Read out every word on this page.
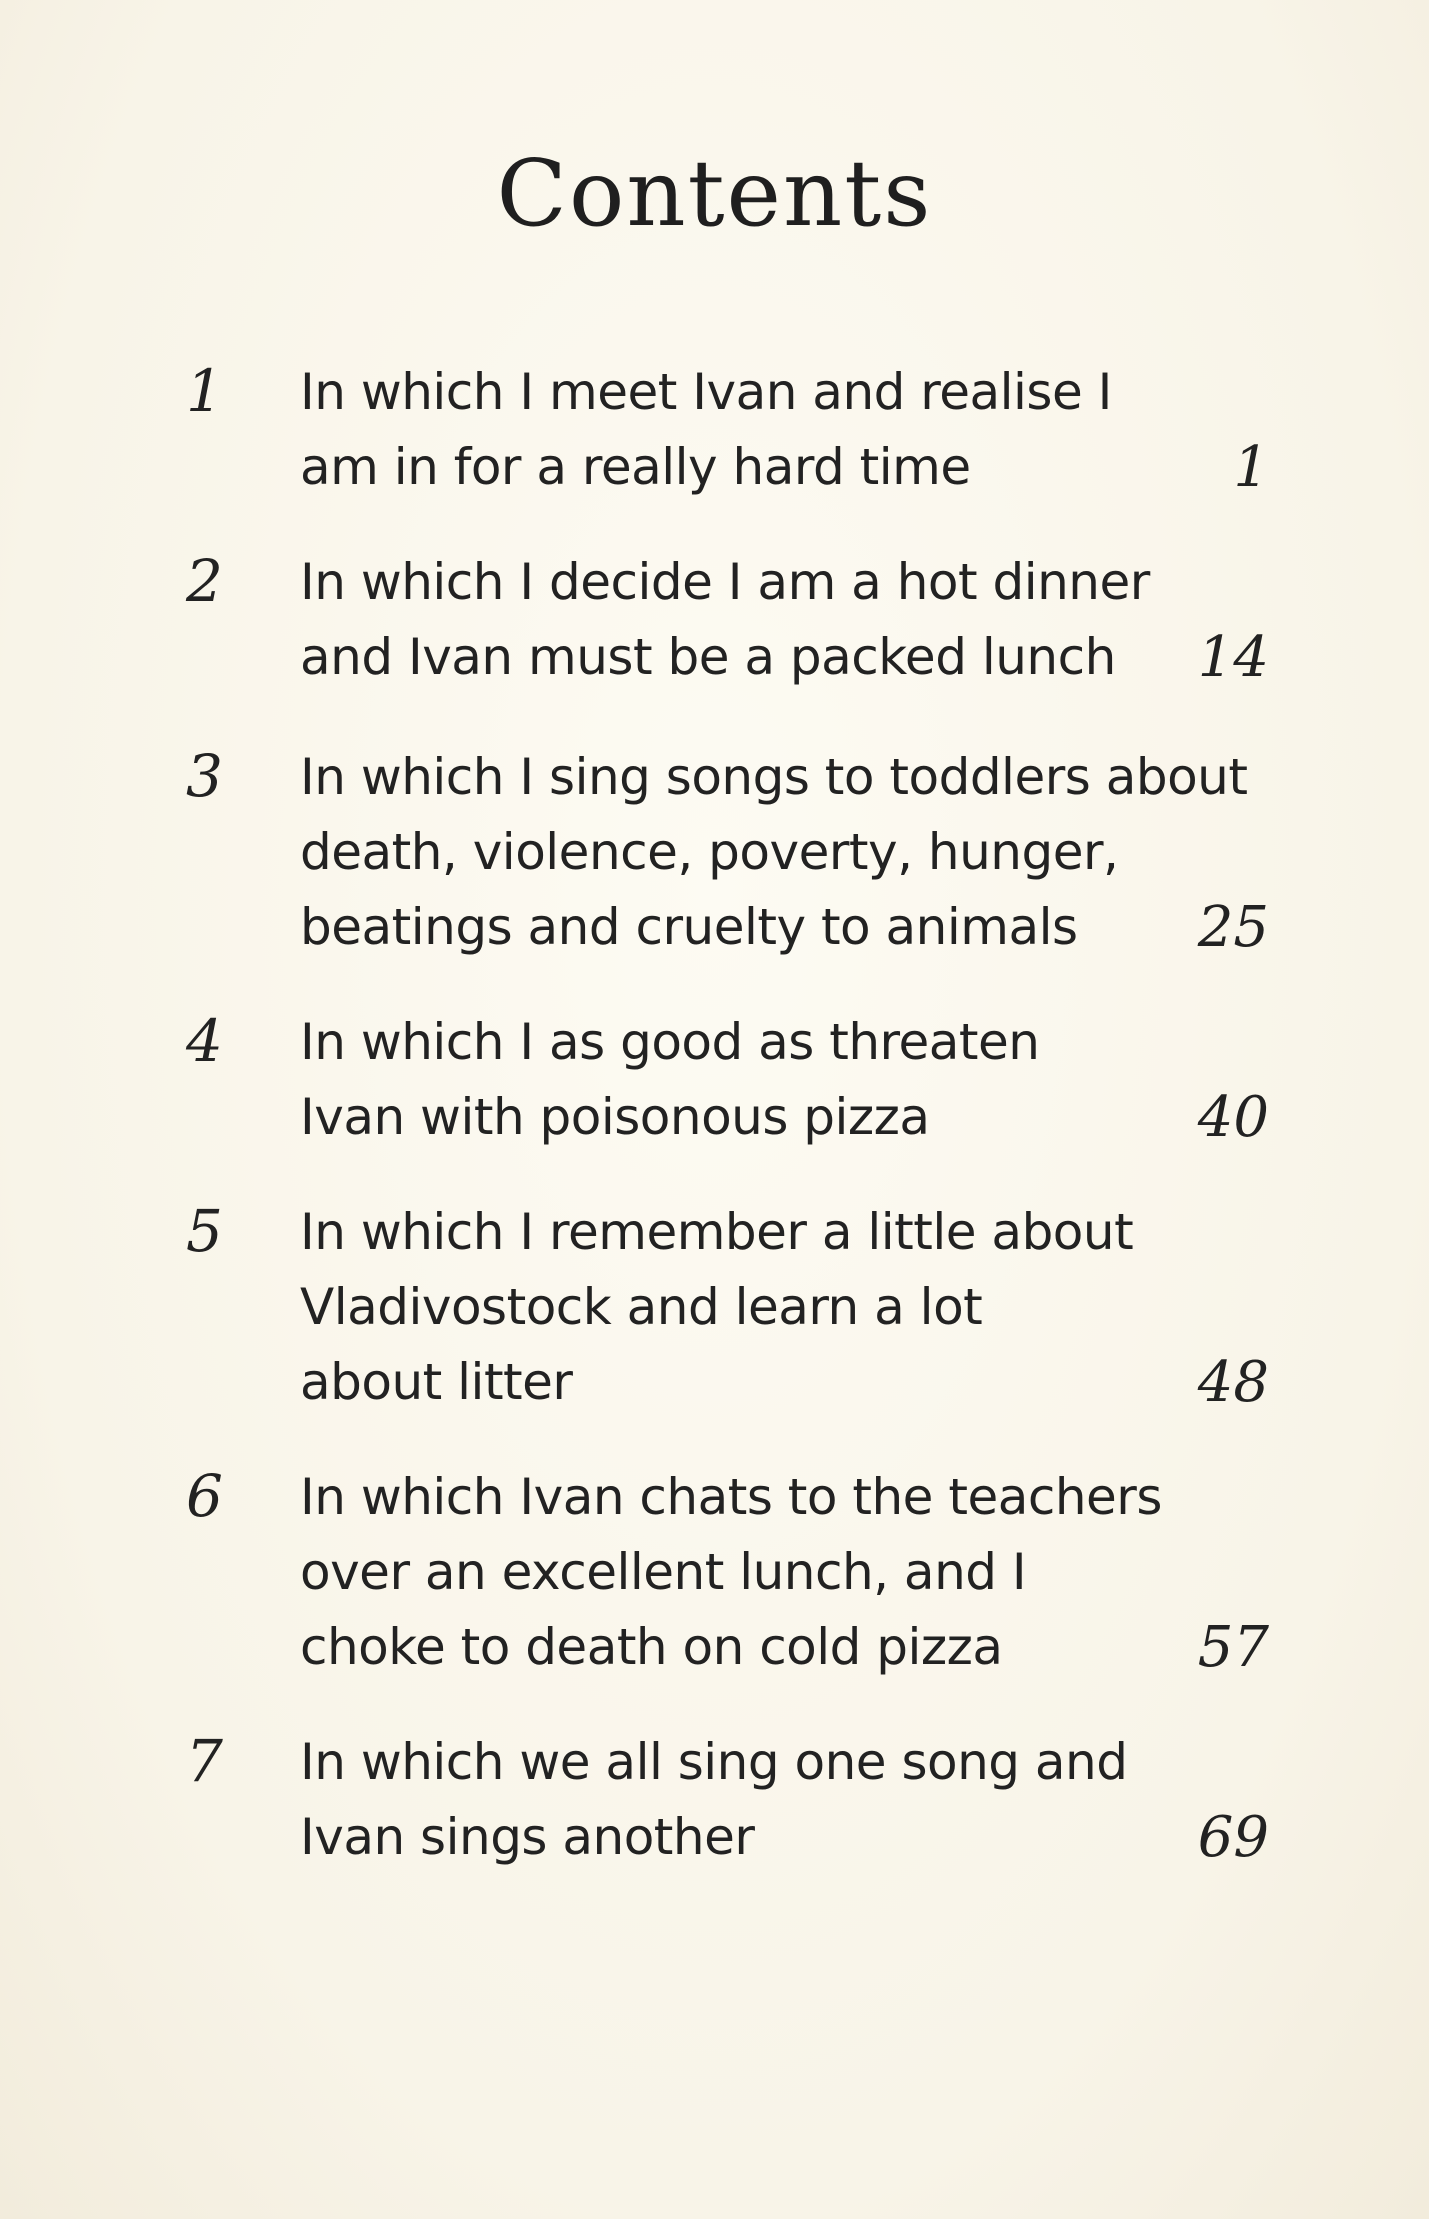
Contents
1 In which I meet Ivan and realise I
am in for a really hard time	1
2 In which I decide I am a hot dinner
and Ivan must be a packed lunch	14
3 In which I sing songs to toddlers about
death, violence, poverty, hunger,
beatings and cruelty to animals	25
4 In which I as good as threaten
Ivan with poisonous pizza	40
5 In which I remember a little about
Vladivostock and learn a lot
about litter	48
6 In which Ivan chats to the teachers
over an excellent lunch, and I
choke to death on cold pizza	57
7 In which we all sing one song and
Ivan sings another	69
